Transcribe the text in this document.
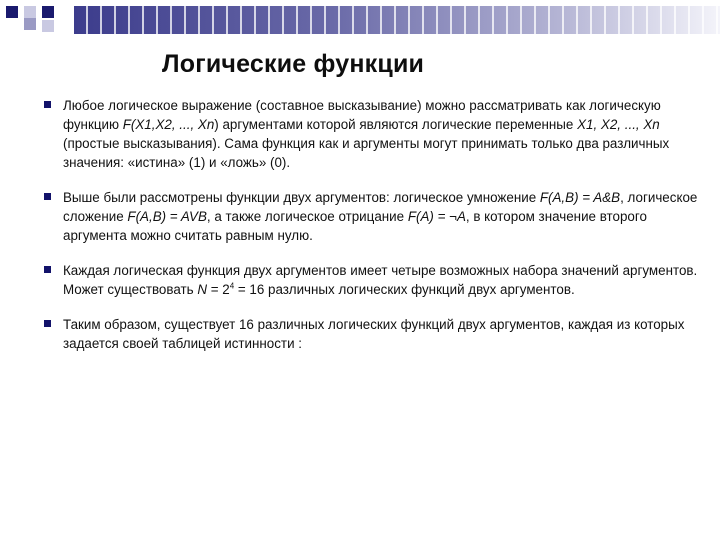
Логические функции
Любое логическое выражение (составное высказывание) можно рассматривать как логическую функцию F(X1,X2, ..., Xn) аргументами которой являются логические переменные X1, X2, ..., Xn (простые высказывания). Сама функция как и аргументы могут принимать только два различных значения: «истина» (1) и «ложь» (0).
Выше были рассмотрены функции двух аргументов: логическое умножение F(A,B) = A&B, логическое сложение F(A,B) = AVB, а также логическое отрицание F(A) = ¬A, в котором значение второго аргумента можно считать равным нулю.
Каждая логическая функция двух аргументов имеет четыре возможных набора значений аргументов. Может существовать $N = 2^4 = 16$ различных логических функций двух аргументов.
Таким образом, существует 16 различных логических функций двух аргументов, каждая из которых задается своей таблицей истинности :
